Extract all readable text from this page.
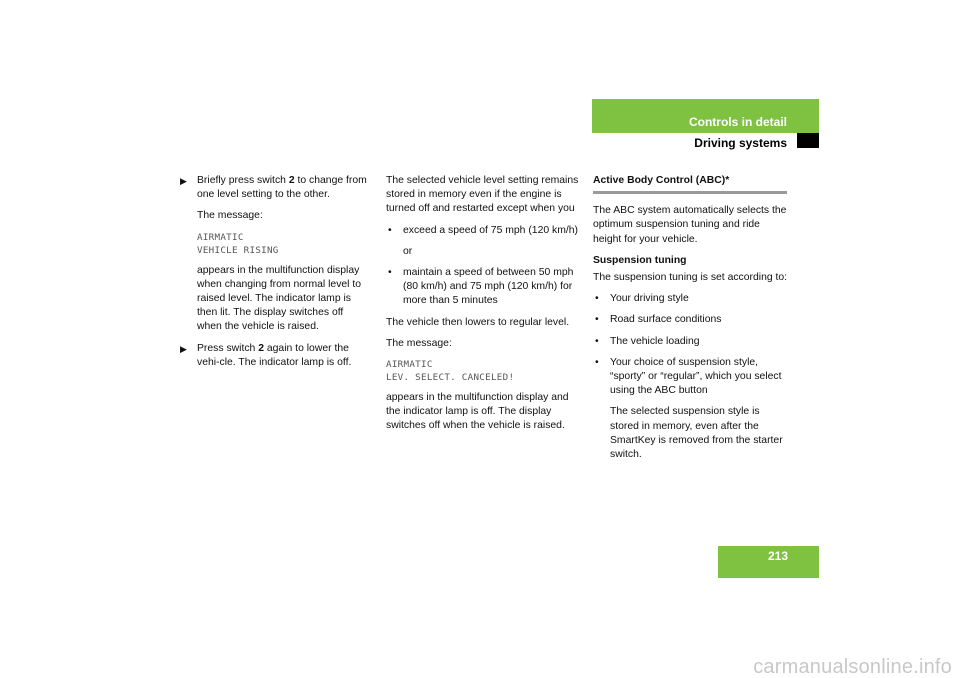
Controls in detail
Driving systems
▶ Briefly press switch 2 to change from one level setting to the other.
The message:
AIRMATIC
VEHICLE RISING
appears in the multifunction display when changing from normal level to raised level. The indicator lamp is then lit. The display switches off when the vehicle is raised.
▶ Press switch 2 again to lower the vehi-cle. The indicator lamp is off.

The selected vehicle level setting remains stored in memory even if the engine is turned off and restarted except when you

• exceed a speed of 75 mph (120 km/h)
or
• maintain a speed of between 50 mph (80 km/h) and 75 mph (120 km/h) for more than 5 minutes

The vehicle then lowers to regular level.

The message:

AIRMATIC
LEV. SELECT. CANCELED!

appears in the multifunction display and the indicator lamp is off. The display switches off when the vehicle is raised.

Active Body Control (ABC)*

The ABC system automatically selects the optimum suspension tuning and ride height for your vehicle.

Suspension tuning

The suspension tuning is set according to:

• Your driving style
• Road surface conditions
• The vehicle loading
• Your choice of suspension style, “sporty” or “regular”, which you select using the ABC button
The selected suspension style is stored in memory, even after the SmartKey is removed from the starter switch.
213
carmanualsonline.info
